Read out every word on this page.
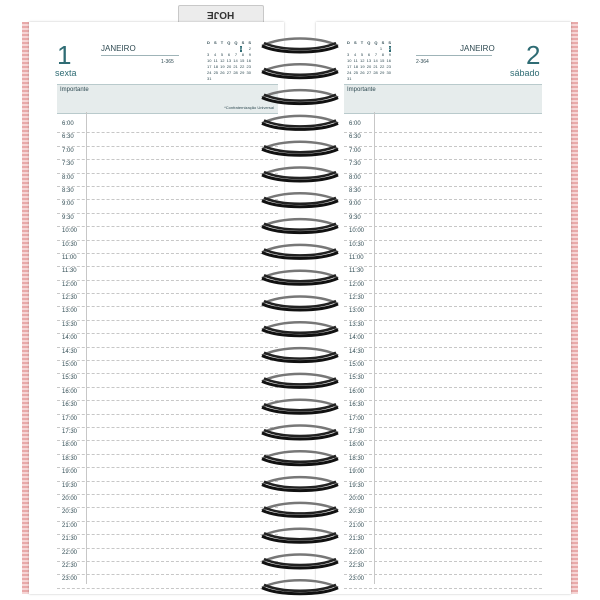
HOJE
1
sexta
JANEIRO
1-365
D S T Q Q S S
1 2
3 4 5 6 7 8 9
10 11 12 13 14 15 16
17 18 19 20 21 22 23
24 25 26 27 28 29 30
31
Importante
*Confraternização Universal
6:00
6:30
7:00
7:30
8:00
8:30
9:00
9:30
10:00
10:30
11:00
11:30
12:00
12:30
13:00
13:30
14:00
14:30
15:00
15:30
16:00
16:30
17:00
17:30
18:00
18:30
19:00
19:30
20:00
20:30
21:00
21:30
22:00
22:30
23:00
D S T Q Q S S
1 2
3 4 5 6 7 8 9
10 11 12 13 14 15 16
17 18 19 20 21 22 23
24 25 26 27 28 29 30
31
JANEIRO
2-364	2
sábado
Importante
6:00
6:30
7:00
7:30
8:00
8:30
9:00
9:30
10:00
10:30
11:00
11:30
12:00
12:30
13:00
13:30
14:00
14:30
15:00
15:30
16:00
16:30
17:00
17:30
18:00
18:30
19:00
19:30
20:00
20:30
21:00
21:30
22:00
22:30
23:00
